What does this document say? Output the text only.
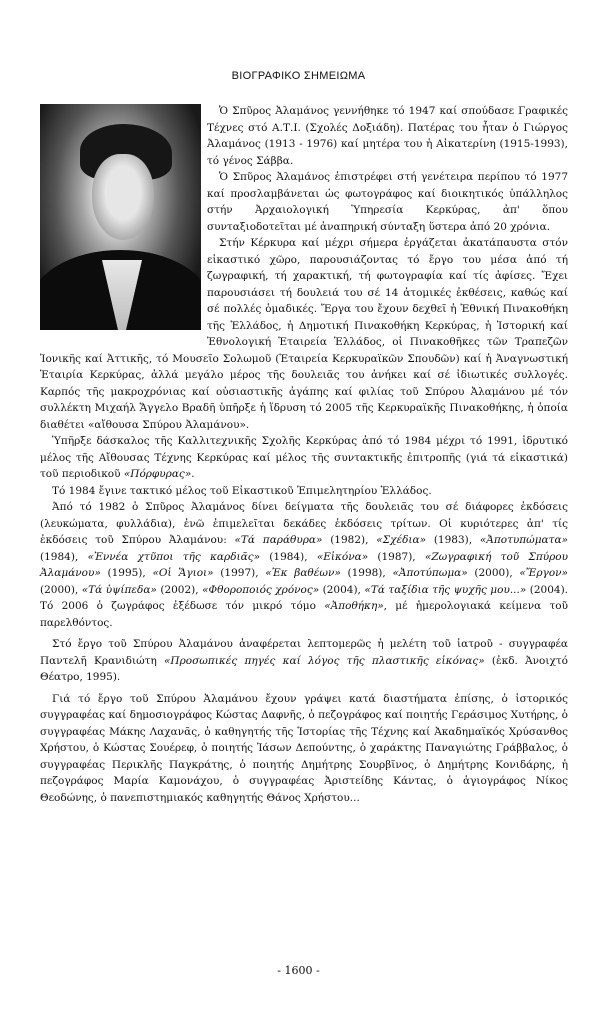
ΒΙΟΓΡΑΦΙΚΟ ΣΗΜΕΙΩΜΑ

Ὁ Σπῦρος Ἀλαμάνος γεννήθηκε τό 1947 καί σπούδασε Γραφικές Τέχνες στό Α.Τ.Ι. (Σχολές Δοξιάδη). Πατέρας του ἦταν ὁ Γιώργος Ἀλαμάνος (1913 - 1976) καί μητέρα του ἡ Αἰκατερίνη (1915-1993), τό γένος Σάββα.

Ὁ Σπῦρος Ἀλαμάνος ἐπιστρέφει στή γενέτειρα περίπου τό 1977 καί προσλαμβάνεται ὡς φωτογράφος καί διοικητικός ὑπάλληλος στήν Ἀρχαιολογική Ὑπηρεσία Κερκύρας, ἀπ' ὅπου συνταξιοδοτεῖται μέ ἀναπηρική σύνταξη ὕστερα ἀπό 20 χρόνια.

Στήν Κέρκυρα καί μέχρι σήμερα ἐργάζεται ἀκατάπαυστα στόν εἰκαστικό χῶρο, παρουσιάζοντας τό ἔργο του μέσα ἀπό τή ζωγραφική, τή χαρακτική, τή φωτογραφία καί τίς ἀφίσες. Ἔχει παρουσιάσει τή δουλειά του σέ 14 ἀτομικές ἐκθέσεις, καθώς καί σέ πολλές ὁμαδικές. Ἔργα του ἔχουν δεχθεῖ ἡ Ἐθνική Πινακοθήκη τῆς Ἑλλάδος, ἡ Δημοτική Πινακοθήκη Κερκύρας, ἡ Ἱστορική καί Ἐθνολογική Ἑταιρεία Ἑλλάδος, οἱ Πινακοθῆκες τῶν Τραπεζῶν Ἰονικῆς καί Ἀττικῆς, τό Μουσεῖο Σολωμοῦ (Ἑταιρεία Κερκυραϊκῶν Σπουδῶν) καί ἡ Ἀναγνωστική Ἑταιρία Κερκύρας, ἀλλά μεγάλο μέρος τῆς δουλειᾶς του ἀνήκει καί σέ ἰδιωτικές συλλογές. Καρπός τῆς μακροχρόνιας καί οὐσιαστικῆς ἀγάπης καί φιλίας τοῦ Σπύρου Ἀλαμάνου μέ τόν συλλέκτη Μιχαήλ Ἄγγελο Βραδῆ ὑπῆρξε ἡ ἵδρυση τό 2005 τῆς Κερκυραϊκῆς Πινακοθήκης, ἡ ὁποία διαθέτει «αἴθουσα Σπύρου Ἀλαμάνου».

Ὑπῆρξε δάσκαλος τῆς Καλλιτεχνικῆς Σχολῆς Κερκύρας ἀπό τό 1984 μέχρι τό 1991, ἱδρυτικό μέλος τῆς Αἴθουσας Τέχνης Κερκύρας καί μέλος τῆς συντακτικῆς ἐπιτροπῆς (γιά τά εἰκαστικά) τοῦ περιοδικοῦ «Πόρφυρας».

Τό 1984 ἔγινε τακτικό μέλος τοῦ Εἰκαστικοῦ Ἐπιμελητηρίου Ἑλλάδος.

Ἀπό τό 1982 ὁ Σπῦρος Ἀλαμάνος δίνει δείγματα τῆς δουλειᾶς του σέ διάφορες ἐκδόσεις (λευκώματα, φυλλάδια), ἐνῶ ἐπιμελεῖται δεκάδες ἐκδόσεις τρίτων. Οἱ κυριότερες ἀπ' τίς ἐκδόσεις τοῦ Σπύρου Ἀλαμάνου: «Τά παράθυρα» (1982), «Σχέδια» (1983), «Ἀποτυπώματα» (1984), «Ἐννέα χτῦποι τῆς καρδιᾶς» (1984), «Εἰκόνα» (1987), «Ζωγραφική τοῦ Σπύρου Ἀλαμάνου» (1995), «Οἱ Ἅγιοι» (1997), «Ἐκ βαθέων» (1998), «Ἀποτύπωμα» (2000), «Ἔργον» (2000), «Τά ὑψίπεδα» (2002), «Φθοροποιός χρόνος» (2004), «Τά ταξίδια τῆς ψυχῆς μου...» (2004). Τό 2006 ὁ ζωγράφος ἐξέδωσε τόν μικρό τόμο «Ἀποθήκη», μέ ἡμερολογιακά κείμενα τοῦ παρελθόντος.

Στό ἔργο τοῦ Σπύρου Ἀλαμάνου ἀναφέρεται λεπτομερῶς ἡ μελέτη τοῦ ἰατροῦ - συγγραφέα Παντελῆ Κρανιδιώτη «Προσωπικές πηγές καί λόγος τῆς πλαστικῆς εἰκόνας» (ἐκδ. Ἀνοιχτό Θέατρο, 1995).

Γιά τό ἔργο τοῦ Σπύρου Ἀλαμάνου ἔχουν γράψει κατά διαστήματα ἐπίσης, ὁ ἱστορικός συγγραφέας καί δημοσιογράφος Κώστας Δαφνῆς, ὁ πεζογράφος καί ποιητής Γεράσιμος Χυτήρης, ὁ συγγραφέας Μάκης Λαχανᾶς, ὁ καθηγητής τῆς Ἱστορίας τῆς Τέχνης καί Ἀκαδημαϊκός Χρύσανθος Χρήστου, ὁ Κώστας Σουέρεφ, ὁ ποιητής Ἰάσων Δεπούντης, ὁ χαράκτης Παναγιώτης Γράββαλος, ὁ συγγραφέας Περικλῆς Παγκράτης, ὁ ποιητής Δημήτρης Σουρβῖνος, ὁ Δημήτρης Κονιδάρης, ἡ πεζογράφος Μαρία Καμονάχου, ὁ συγγραφέας Ἀριστείδης Κάντας, ὁ ἁγιογράφος Νίκος Θεοδώνης, ὁ πανεπιστημιακός καθηγητής Θάνος Χρήστου...

- 1600 -
